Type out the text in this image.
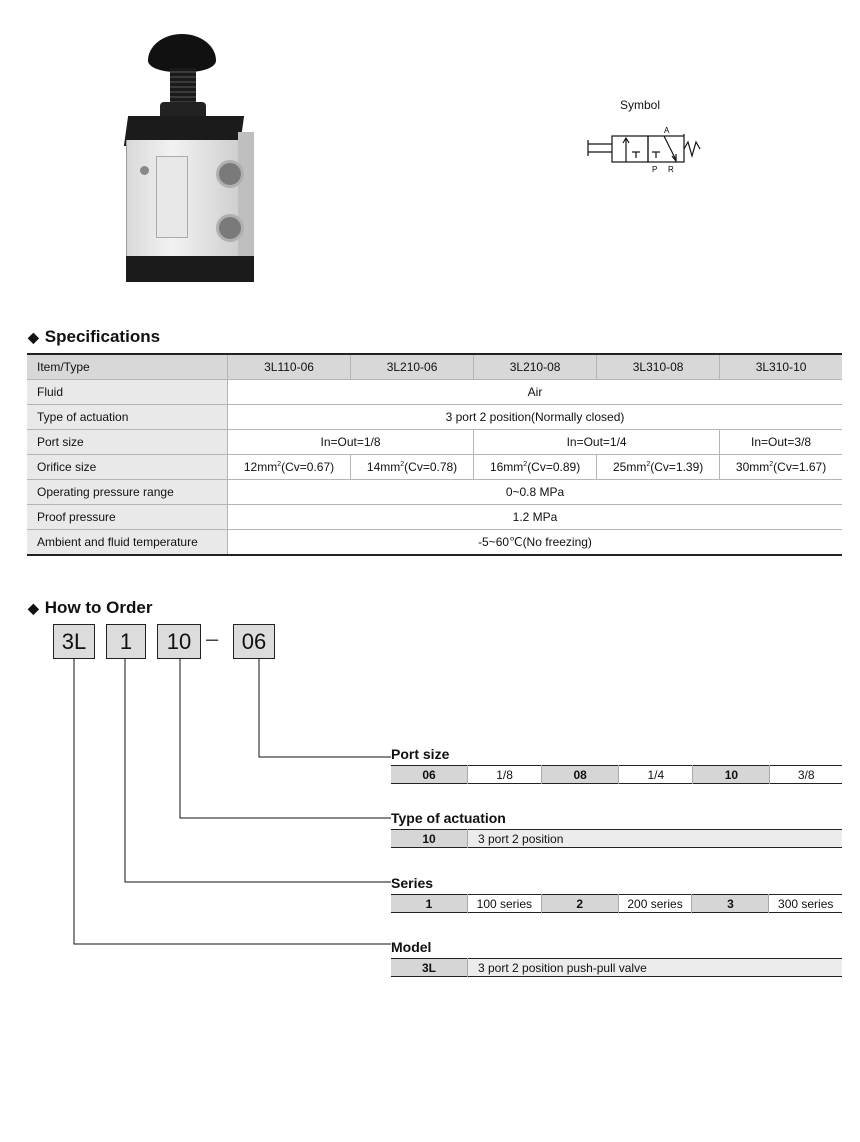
Symbol
A
P R
◆ Specifications
Item/Type	3L110-06	3L210-06	3L210-08	3L310-08	3L310-10
Fluid	Air				
Type of actuation	3 port 2 position(Normally closed)				
Port size	In=Out=1/8		In=Out=1/4		In=Out=3/8
Orifice size	$12mm^2(Cv=0.67)$	$14mm^2(Cv=0.78)$	$16mm^2(Cv=0.89)$	$25mm^2(Cv=1.39)$	$30mm^2(Cv=1.67)$
Operating pressure range	0~0.8 MPa				
Proof pressure	1.2 MPa				
Ambient and fluid temperature	-5~60℃(No freezing)				
◆ How to Order
3L	1	10 –	06
Port size
06	1/8	08	1/4	10	3/8
Type of actuation
10	3 port 2 position
Series
1	100 series	2	200 series	3	300 series
Model
3L	3 port 2 position push-pull valve
